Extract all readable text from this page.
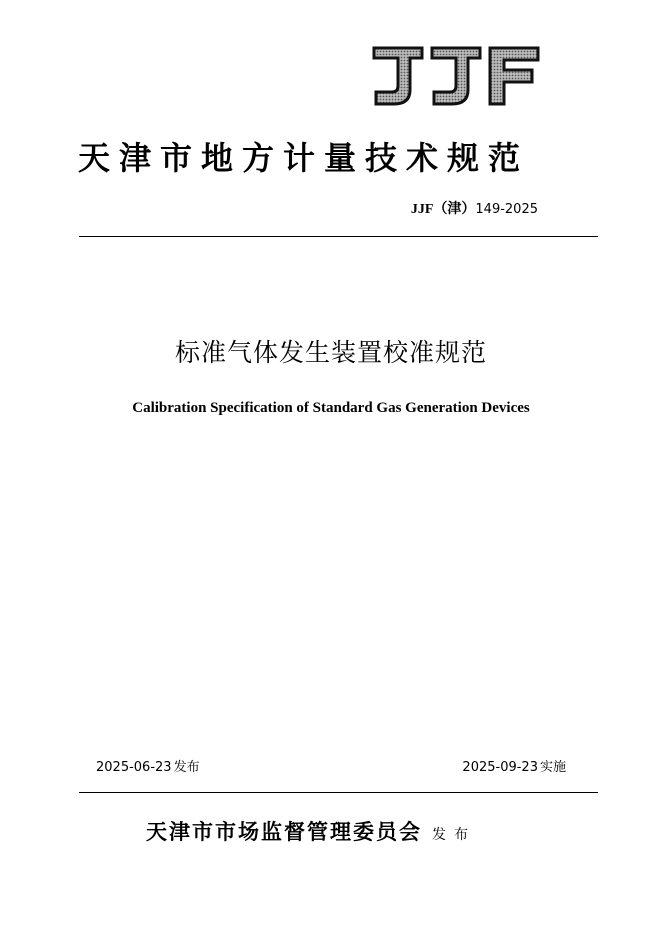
天津市地方计量技术规范
JJF（津）149-2025
标准气体发生装置校准规范
Calibration Specification of Standard Gas Generation Devices
2025-06-23 发布	2025-09-23 实施
天津市市场监督管理委员会 发布
